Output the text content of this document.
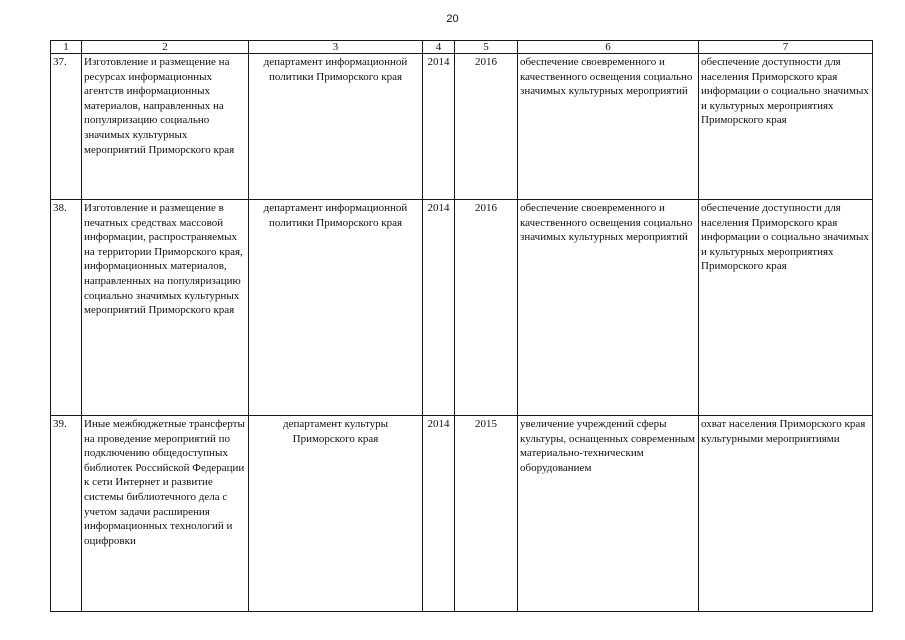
20
1	2	3	4	5	6	7
37.	Изготовление и размещение на ресурсах информационных агентств информационных материалов, направленных на популяризацию социально значимых культурных мероприятий Приморского края	департамент информационной политики Приморского края	2014	2016	обеспечение своевременного и качественного освещения социально значимых культурных мероприятий	обеспечение доступности для населения Приморского края информации о социально значимых и культурных мероприятиях Приморского края
38.	Изготовление и размещение в печатных средствах массовой информации, распространяемых на территории Приморского края, информационных материалов, направленных на популяризацию социально значимых культурных мероприятий Приморского края	департамент информационной политики Приморского края	2014	2016	обеспечение своевременного и качественного освещения социально значимых культурных мероприятий	обеспечение доступности для населения Приморского края информации о социально значимых и культурных мероприятиях Приморского края
39.	Иные межбюджетные трансферты на проведение мероприятий по подключению общедоступных библиотек Российской Федерации к сети Интернет и развитие системы библиотечного дела с учетом задачи расширения информационных технологий и оцифровки	департамент культуры Приморского края	2014	2015	увеличение учреждений сферы культуры, оснащенных современным материально-техническим оборудованием	охват населения Приморского края культурными мероприятиями
